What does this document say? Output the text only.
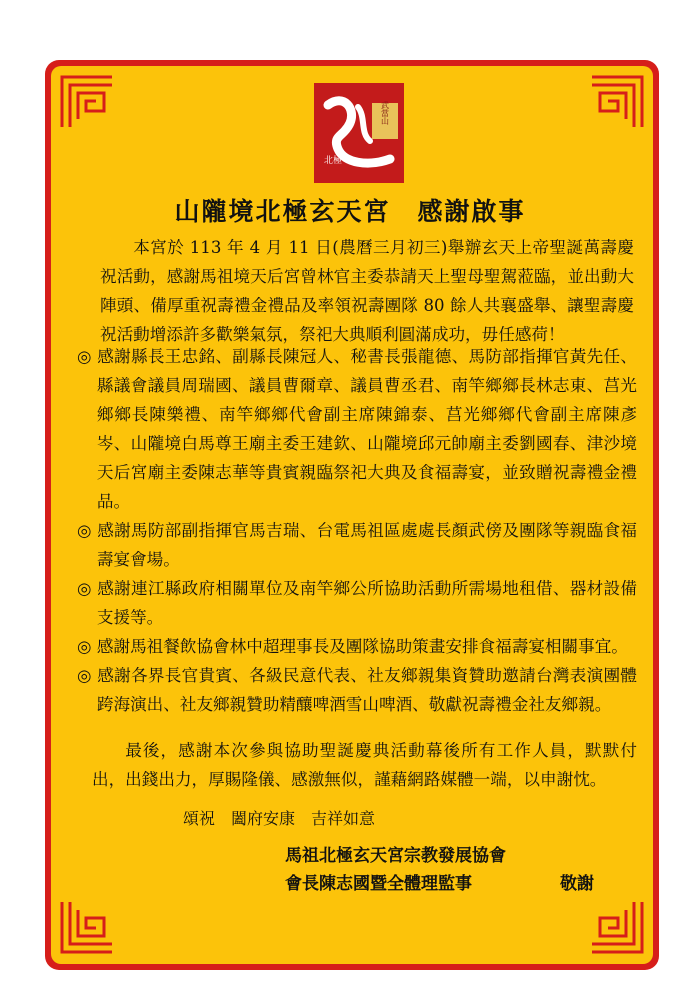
武當山
北極
山隴境北極玄天宮　感謝啟事
本宮於 113 年 4 月 11 日(農曆三月初三)舉辦玄天上帝聖誕萬壽慶祝活動，感謝馬祖境天后宮曾林官主委恭請天上聖母聖駕蒞臨，並出動大陣頭、備厚重祝壽禮金禮品及率領祝壽團隊 80 餘人共襄盛舉、讓聖壽慶祝活動增添許多歡樂氣氛，祭祀大典順利圓滿成功，毋任感荷！
◎ 感謝縣長王忠銘、副縣長陳冠人、秘書長張龍德、馬防部指揮官黃先任、縣議會議員周瑞國、議員曹爾章、議員曹丞君、南竿鄉鄉長林志東、莒光鄉鄉長陳樂禮、南竿鄉鄉代會副主席陳錦泰、莒光鄉鄉代會副主席陳彥岑、山隴境白馬尊王廟主委王建欽、山隴境邱元帥廟主委劉國春、津沙境天后宮廟主委陳志華等貴賓親臨祭祀大典及食福壽宴，並致贈祝壽禮金禮品。
◎ 感謝馬防部副指揮官馬吉瑞、台電馬祖區處處長顏武傍及團隊等親臨食福壽宴會場。
◎ 感謝連江縣政府相關單位及南竿鄉公所協助活動所需場地租借、器材設備支援等。
◎ 感謝馬祖餐飲協會林中超理事長及團隊協助策畫安排食福壽宴相關事宜。
◎ 感謝各界長官貴賓、各級民意代表、社友鄉親集資贊助邀請台灣表演團體跨海演出、社友鄉親贊助精釀啤酒雪山啤酒、敬獻祝壽禮金社友鄉親。
最後，感謝本次參與協助聖誕慶典活動幕後所有工作人員，默默付出，出錢出力，厚賜隆儀、感激無似，謹藉網路媒體一端，以申謝忱。
頌祝　闔府安康　吉祥如意
馬祖北極玄天宮宗教發展協會
會長陳志國暨全體理監事	敬謝
